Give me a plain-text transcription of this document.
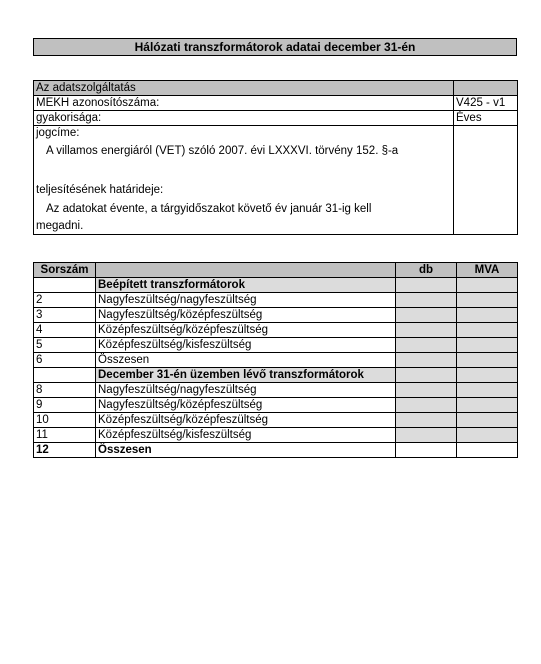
Hálózati transzformátorok adatai december 31-én
Az adatszolgáltatás	
MEKH azonosítószáma:	V425 - v1
gyakorisága:	Éves
jogcíme:	
A villamos energiáról (VET) szóló 2007. évi LXXXVI. törvény 152. §-a	

teljesítésének határideje:	
Az adatokat évente, a tárgyidőszakot követő év január 31-ig kell	
megadni.	
Sorszám		db	MVA
	Beépített transzformátorok		
2	Nagyfeszültség/nagyfeszültség		
3	Nagyfeszültség/középfeszültség		
4	Középfeszültség/középfeszültség		
5	Középfeszültség/kisfeszültség		
6	Összesen		
	December 31-én üzemben lévő transzformátorok		
8	Nagyfeszültség/nagyfeszültség		
9	Nagyfeszültség/középfeszültség		
10	Középfeszültség/középfeszültség		
11	Középfeszültség/kisfeszültség		
12	Összesen		
